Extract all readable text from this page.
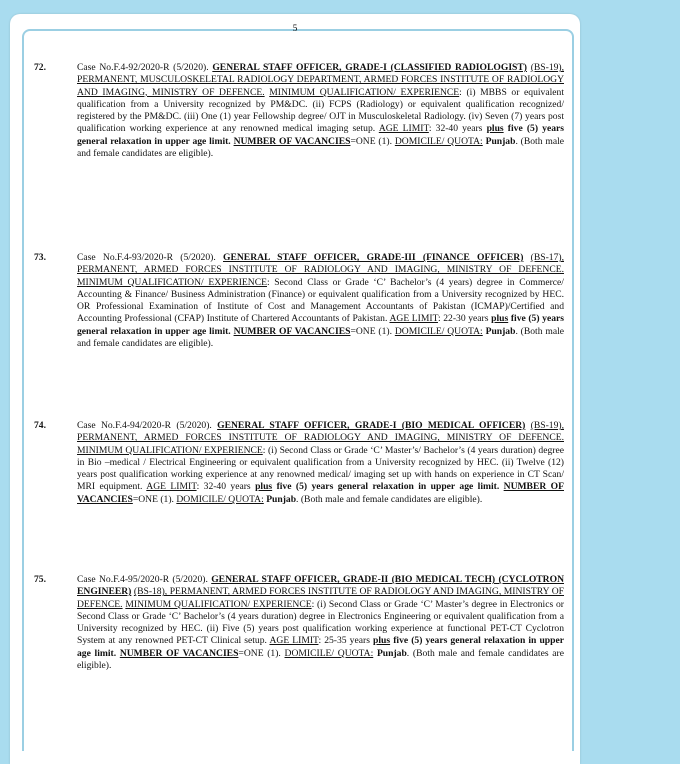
5
72.	Case No.F.4-92/2020-R (5/2020). GENERAL STAFF OFFICER, GRADE-I (CLASSIFIED RADIOLOGIST) (BS-19), PERMANENT, MUSCULOSKELETAL RADIOLOGY DEPARTMENT, ARMED FORCES INSTITUTE OF RADIOLOGY AND IMAGING, MINISTRY OF DEFENCE. MINIMUM QUALIFICATION/ EXPERIENCE: (i) MBBS or equivalent qualification from a University recognized by PM&DC. (ii) FCPS (Radiology) or equivalent qualification recognized/ registered by the PM&DC. (iii) One (1) year Fellowship degree/ OJT in Musculoskeletal Radiology. (iv) Seven (7) years post qualification working experience at any renowned medical imaging setup. AGE LIMIT: 32-40 years plus five (5) years general relaxation in upper age limit. NUMBER OF VACANCIES=ONE (1). DOMICILE/ QUOTA: Punjab. (Both male and female candidates are eligible).
73.	Case No.F.4-93/2020-R (5/2020). GENERAL STAFF OFFICER, GRADE-III (FINANCE OFFICER) (BS-17), PERMANENT, ARMED FORCES INSTITUTE OF RADIOLOGY AND IMAGING, MINISTRY OF DEFENCE. MINIMUM QUALIFICATION/ EXPERIENCE: Second Class or Grade ‘C’ Bachelor’s (4 years) degree in Commerce/ Accounting & Finance/ Business Administration (Finance) or equivalent qualification from a University recognized by HEC. OR Professional Examination of Institute of Cost and Management Accountants of Pakistan (ICMAP)/Certified and Accounting Professional (CFAP) Institute of Chartered Accountants of Pakistan. AGE LIMIT: 22-30 years plus five (5) years general relaxation in upper age limit. NUMBER OF VACANCIES=ONE (1). DOMICILE/ QUOTA: Punjab. (Both male and female candidates are eligible).
74.	Case No.F.4-94/2020-R (5/2020). GENERAL STAFF OFFICER, GRADE-I (BIO MEDICAL OFFICER) (BS-19), PERMANENT, ARMED FORCES INSTITUTE OF RADIOLOGY AND IMAGING, MINISTRY OF DEFENCE. MINIMUM QUALIFICATION/ EXPERIENCE: (i) Second Class or Grade ‘C’ Master’s/ Bachelor’s (4 years duration) degree in Bio –medical / Electrical Engineering or equivalent qualification from a University recognized by HEC. (ii) Twelve (12) years post qualification working experience at any renowned medical/ imaging set up with hands on experience in CT Scan/ MRI equipment. AGE LIMIT: 32-40 years plus five (5) years general relaxation in upper age limit. NUMBER OF VACANCIES=ONE (1). DOMICILE/ QUOTA: Punjab. (Both male and female candidates are eligible).
75.	Case No.F.4-95/2020-R (5/2020). GENERAL STAFF OFFICER, GRADE-II (BIO MEDICAL TECH) (CYCLOTRON ENGINEER) (BS-18), PERMANENT, ARMED FORCES INSTITUTE OF RADIOLOGY AND IMAGING, MINISTRY OF DEFENCE. MINIMUM QUALIFICATION/ EXPERIENCE: (i) Second Class or Grade ‘C’ Master’s degree in Electronics or Second Class or Grade ‘C’ Bachelor’s (4 years duration) degree in Electronics Engineering or equivalent qualification from a University recognized by HEC. (ii) Five (5) years post qualification working experience at functional PET-CT Cyclotron System at any renowned PET-CT Clinical setup. AGE LIMIT: 25-35 years plus five (5) years general relaxation in upper age limit. NUMBER OF VACANCIES=ONE (1). DOMICILE/ QUOTA: Punjab. (Both male and female candidates are eligible).
